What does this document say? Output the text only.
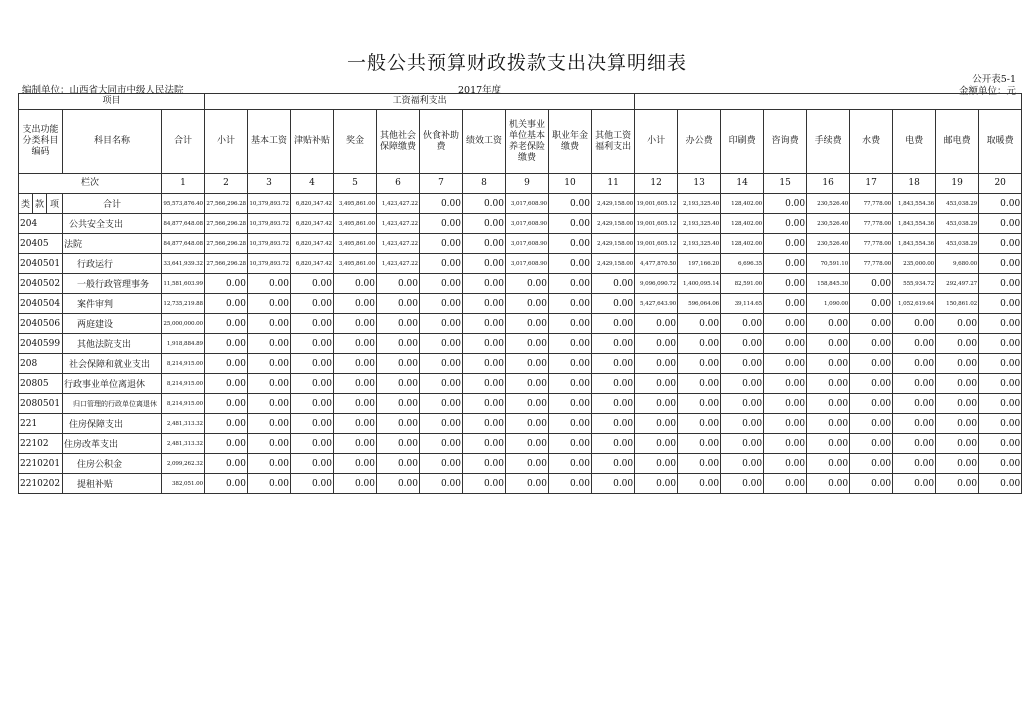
一般公共预算财政拨款支出决算明细表
编制单位：山西省大同市中级人民法院	2017年度
公开表5-1
金额单位：元
项目					工资福利支出																		
支出功能分类科目编码			科目名称	合计	小计	基本工资	津贴补贴	奖金	其他社会保障缴费	伙食补助费	绩效工资	机关事业单位基本养老保险缴费	职业年金缴费	其他工资福利支出	小计	办公费	印刷费	咨询费	手续费	水费	电费	邮电费	取暖费
栏次				1	2	3	4	5	6	7	8	9	10	11	12	13	14	15	16	17	18	19	20
类	款	项	合计	95,573,876.40	27,566,296.28	10,379,893.72	6,820,347.42	3,495,861.00	1,423,427.22	0.00	0.00	3,017,608.90	0.00	2,429,158.00	19,001,605.12	2,193,325.40	128,402.00	0.00	230,526.40	77,778.00	1,843,554.36	453,038.29	0.00
204			公共安全支出	84,877,648.08	27,566,296.28	10,379,893.72	6,820,347.42	3,495,861.00	1,423,427.22	0.00	0.00	3,017,608.90	0.00	2,429,158.00	19,001,605.12	2,193,325.40	128,402.00	0.00	230,526.40	77,778.00	1,843,554.36	453,038.29	0.00
20405			法院	84,877,648.08	27,566,296.28	10,379,893.72	6,820,347.42	3,495,861.00	1,423,427.22	0.00	0.00	3,017,608.90	0.00	2,429,158.00	19,001,605.12	2,193,325.40	128,402.00	0.00	230,526.40	77,778.00	1,843,554.36	453,038.29	0.00
2040501			行政运行	33,641,939.32	27,566,296.28	10,379,893.72	6,820,347.42	3,495,861.00	1,423,427.22	0.00	0.00	3,017,608.90	0.00	2,429,158.00	4,477,870.50	197,166.20	6,696.35	0.00	70,591.10	77,778.00	235,000.00	9,680.00	0.00
2040502			一般行政管理事务	11,581,603.99	0.00	0.00	0.00	0.00	0.00	0.00	0.00	0.00	0.00	0.00	9,096,090.72	1,400,095.14	82,591.00	0.00	158,845.30	0.00	555,934.72	292,497.27	0.00
2040504			案件审判	12,735,219.88	0.00	0.00	0.00	0.00	0.00	0.00	0.00	0.00	0.00	0.00	5,427,643.90	596,064.06	39,114.65	0.00	1,090.00	0.00	1,052,619.64	150,861.02	0.00
2040506			两庭建设	25,000,000.00	0.00	0.00	0.00	0.00	0.00	0.00	0.00	0.00	0.00	0.00	0.00	0.00	0.00	0.00	0.00	0.00	0.00	0.00	0.00
2040599			其他法院支出	1,918,884.89	0.00	0.00	0.00	0.00	0.00	0.00	0.00	0.00	0.00	0.00	0.00	0.00	0.00	0.00	0.00	0.00	0.00	0.00	0.00
208			社会保障和就业支出	8,214,915.00	0.00	0.00	0.00	0.00	0.00	0.00	0.00	0.00	0.00	0.00	0.00	0.00	0.00	0.00	0.00	0.00	0.00	0.00	0.00
20805			行政事业单位离退休	8,214,915.00	0.00	0.00	0.00	0.00	0.00	0.00	0.00	0.00	0.00	0.00	0.00	0.00	0.00	0.00	0.00	0.00	0.00	0.00	0.00
2080501			归口管理的行政单位离退休	8,214,915.00	0.00	0.00	0.00	0.00	0.00	0.00	0.00	0.00	0.00	0.00	0.00	0.00	0.00	0.00	0.00	0.00	0.00	0.00	0.00
221			住房保障支出	2,481,313.32	0.00	0.00	0.00	0.00	0.00	0.00	0.00	0.00	0.00	0.00	0.00	0.00	0.00	0.00	0.00	0.00	0.00	0.00	0.00
22102			住房改革支出	2,481,313.32	0.00	0.00	0.00	0.00	0.00	0.00	0.00	0.00	0.00	0.00	0.00	0.00	0.00	0.00	0.00	0.00	0.00	0.00	0.00
2210201			住房公积金	2,099,262.32	0.00	0.00	0.00	0.00	0.00	0.00	0.00	0.00	0.00	0.00	0.00	0.00	0.00	0.00	0.00	0.00	0.00	0.00	0.00
2210202			提租补贴	382,051.00	0.00	0.00	0.00	0.00	0.00	0.00	0.00	0.00	0.00	0.00	0.00	0.00	0.00	0.00	0.00	0.00	0.00	0.00	0.00
